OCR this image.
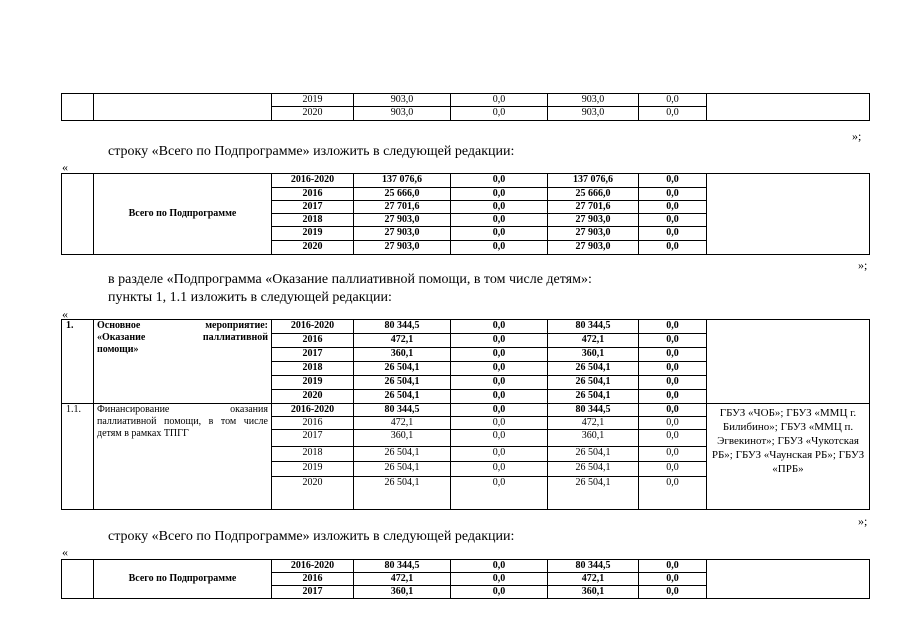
		2019	903,0	0,0	903,0	0,0	
		2020	903,0	0,0	903,0	0,0	
»;
строку «Всего по Подпрограмме» изложить в следующей редакции:
«
	Всего по Подпрограмме	2016-2020	137 076,6	0,0	137 076,6	0,0	
		2016	25 666,0	0,0	25 666,0	0,0	
		2017	27 701,6	0,0	27 701,6	0,0	
		2018	27 903,0	0,0	27 903,0	0,0	
		2019	27 903,0	0,0	27 903,0	0,0	
		2020	27 903,0	0,0	27 903,0	0,0	
»;
в разделе «Подпрограмма «Оказание паллиативной помощи, в том числе детям»:
пункты 1, 1.1 изложить в следующей редакции:
«
1.	Основное мероприятие:
«Оказание паллиативной
помощи»	2016-2020	80 344,5	0,0	80 344,5	0,0	
		2016	472,1	0,0	472,1	0,0	
		2017	360,1	0,0	360,1	0,0	
		2018	26 504,1	0,0	26 504,1	0,0	
		2019	26 504,1	0,0	26 504,1	0,0	
		2020	26 504,1	0,0	26 504,1	0,0	
1.1.	Финансирование оказания
паллиативной помощи, в том числе
детям в рамках ТПГГ	2016-2020	80 344,5	0,0	80 344,5	0,0	ГБУЗ «ЧОБ»; ГБУЗ «ММЦ г. Билибино»; ГБУЗ «ММЦ п. Эгвекинот»; ГБУЗ «Чукотская РБ»; ГБУЗ «Чаунская РБ»; ГБУЗ «ПРБ»
		2016	472,1	0,0	472,1	0,0	
		2017	360,1	0,0	360,1	0,0	
		2018	26 504,1	0,0	26 504,1	0,0	
		2019	26 504,1	0,0	26 504,1	0,0	
		2020	26 504,1	0,0	26 504,1	0,0	
»;
строку «Всего по Подпрограмме» изложить в следующей редакции:
«
	Всего по Подпрограмме	2016-2020	80 344,5	0,0	80 344,5	0,0	
		2016	472,1	0,0	472,1	0,0	
		2017	360,1	0,0	360,1	0,0	
